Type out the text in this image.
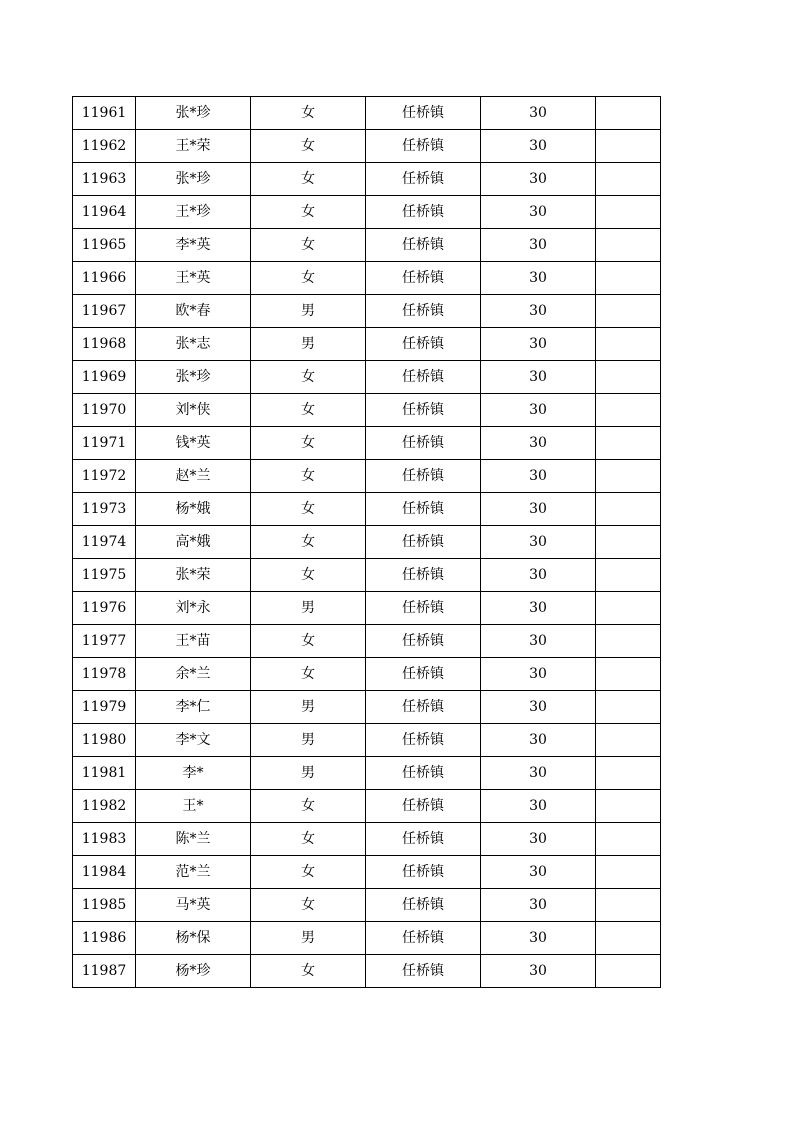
11961	张*珍	女	任桥镇	30	
11962	王*荣	女	任桥镇	30	
11963	张*珍	女	任桥镇	30	
11964	王*珍	女	任桥镇	30	
11965	李*英	女	任桥镇	30	
11966	王*英	女	任桥镇	30	
11967	欧*春	男	任桥镇	30	
11968	张*志	男	任桥镇	30	
11969	张*珍	女	任桥镇	30	
11970	刘*侠	女	任桥镇	30	
11971	钱*英	女	任桥镇	30	
11972	赵*兰	女	任桥镇	30	
11973	杨*娥	女	任桥镇	30	
11974	高*娥	女	任桥镇	30	
11975	张*荣	女	任桥镇	30	
11976	刘*永	男	任桥镇	30	
11977	王*苗	女	任桥镇	30	
11978	余*兰	女	任桥镇	30	
11979	李*仁	男	任桥镇	30	
11980	李*文	男	任桥镇	30	
11981	李*	男	任桥镇	30	
11982	王*	女	任桥镇	30	
11983	陈*兰	女	任桥镇	30	
11984	范*兰	女	任桥镇	30	
11985	马*英	女	任桥镇	30	
11986	杨*保	男	任桥镇	30	
11987	杨*珍	女	任桥镇	30	
